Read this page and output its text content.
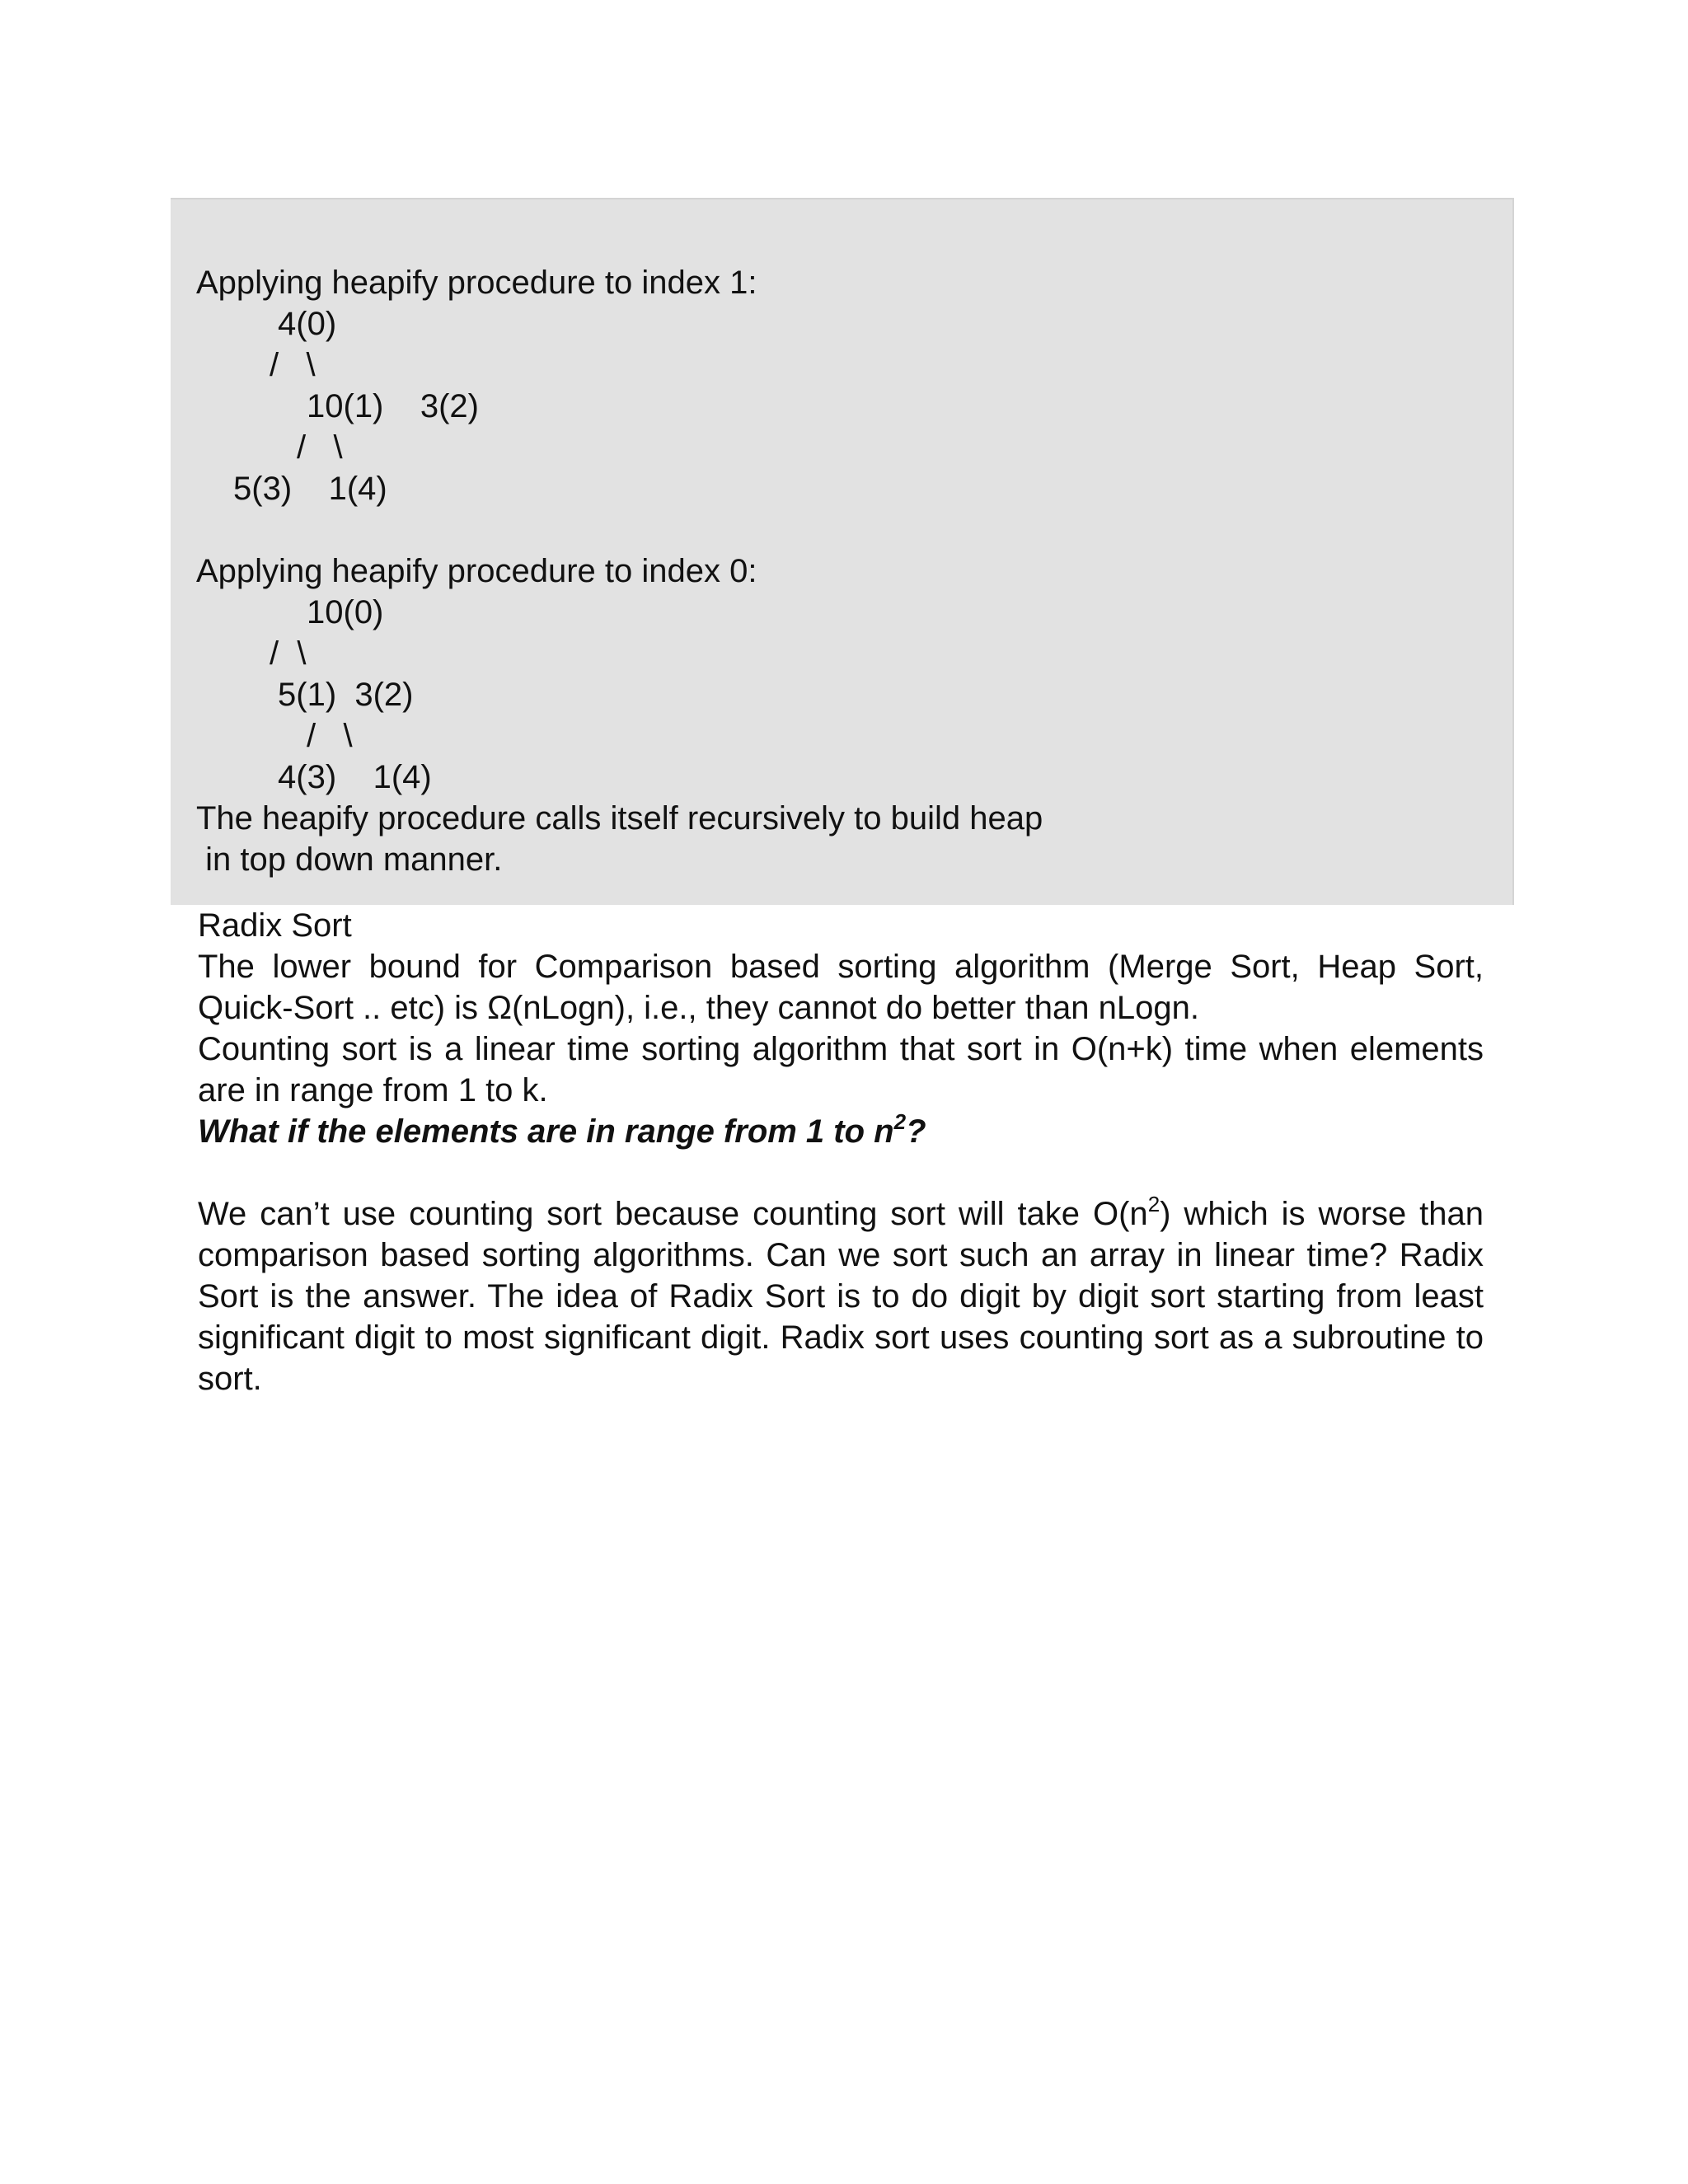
Applying heapify procedure to index 1:
4(0)
/   \
10(1)    3(2)
/   \
5(3)    1(4)
Applying heapify procedure to index 0:
10(0)
/  \
5(1)  3(2)
/   \
4(3)    1(4)
The heapify procedure calls itself recursively to build heap
in top down manner.
Radix Sort
The lower bound for Comparison based sorting algorithm (Merge Sort, Heap Sort, Quick-Sort .. etc) is Ω(nLogn), i.e., they cannot do better than nLogn.
Counting sort is a linear time sorting algorithm that sort in O(n+k) time when elements are in range from 1 to k.
What if the elements are in range from 1 to $n^2$?
We can’t use counting sort because counting sort will take $O(n^2)$ which is worse than comparison based sorting algorithms. Can we sort such an array in linear time? Radix Sort is the answer. The idea of Radix Sort is to do digit by digit sort starting from least significant digit to most significant digit. Radix sort uses counting sort as a subroutine to sort.
